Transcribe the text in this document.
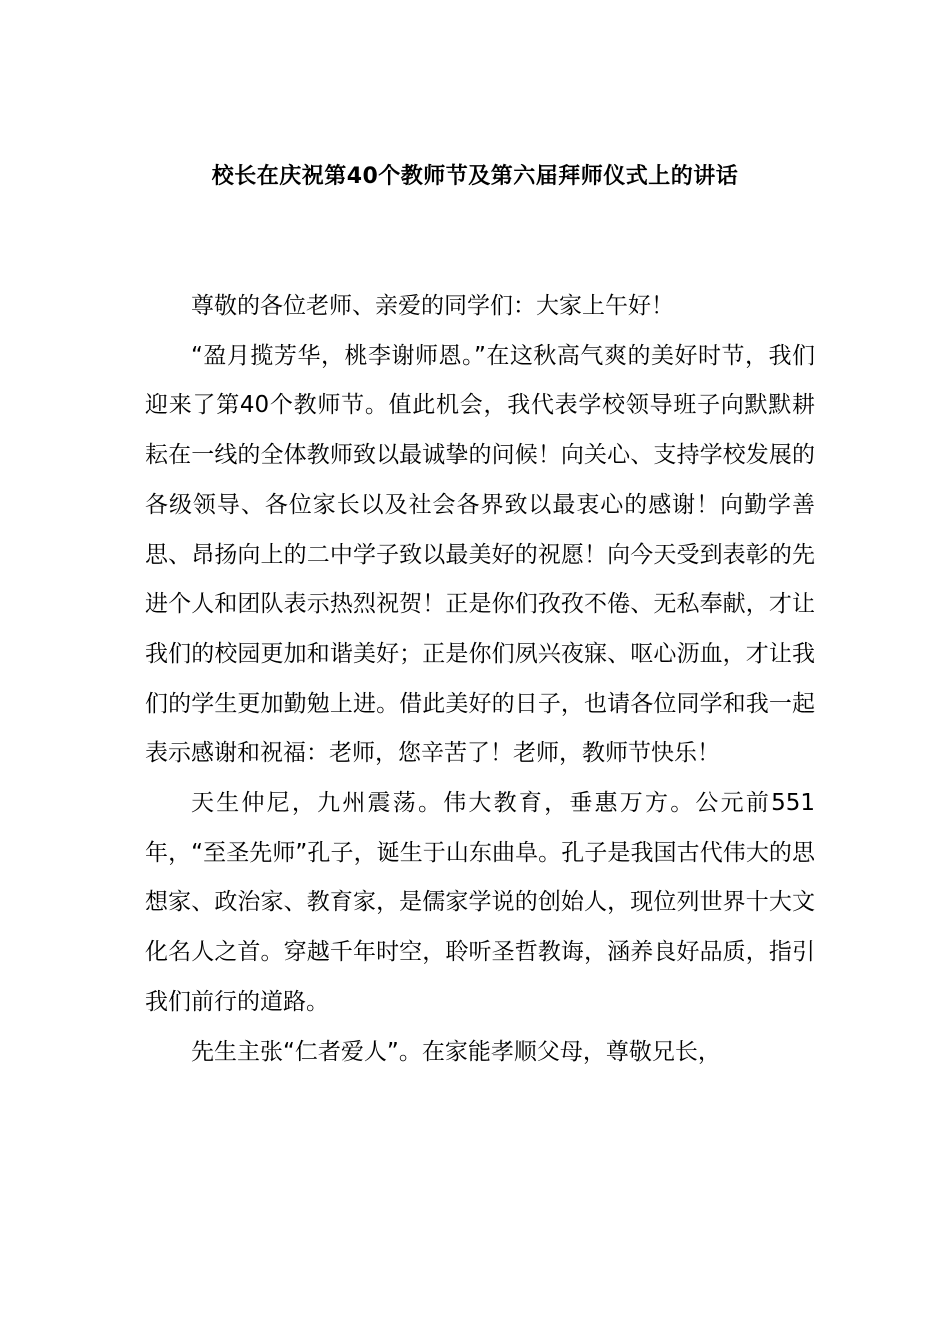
校长在庆祝第40个教师节及第六届拜师仪式上的讲话

尊敬的各位老师、亲爱的同学们：大家上午好！

“盈月揽芳华，桃李谢师恩。”在这秋高气爽的美好时节，我们迎来了第40个教师节。值此机会，我代表学校领导班子向默默耕耘在一线的全体教师致以最诚挚的问候！向关心、支持学校发展的各级领导、各位家长以及社会各界致以最衷心的感谢！向勤学善思、昂扬向上的二中学子致以最美好的祝愿！向今天受到表彰的先进个人和团队表示热烈祝贺！正是你们孜孜不倦、无私奉献，才让我们的校园更加和谐美好；正是你们夙兴夜寐、呕心沥血，才让我们的学生更加勤勉上进。借此美好的日子，也请各位同学和我一起表示感谢和祝福：老师，您辛苦了！老师，教师节快乐！

天生仲尼，九州震荡。伟大教育，垂惠万方。公元前551年，“至圣先师”孔子，诞生于山东曲阜。孔子是我国古代伟大的思想家、政治家、教育家，是儒家学说的创始人，现位列世界十大文化名人之首。穿越千年时空，聆听圣哲教诲，涵养良好品质，指引我们前行的道路。

先生主张“仁者爱人”。在家能孝顺父母，尊敬兄长，
